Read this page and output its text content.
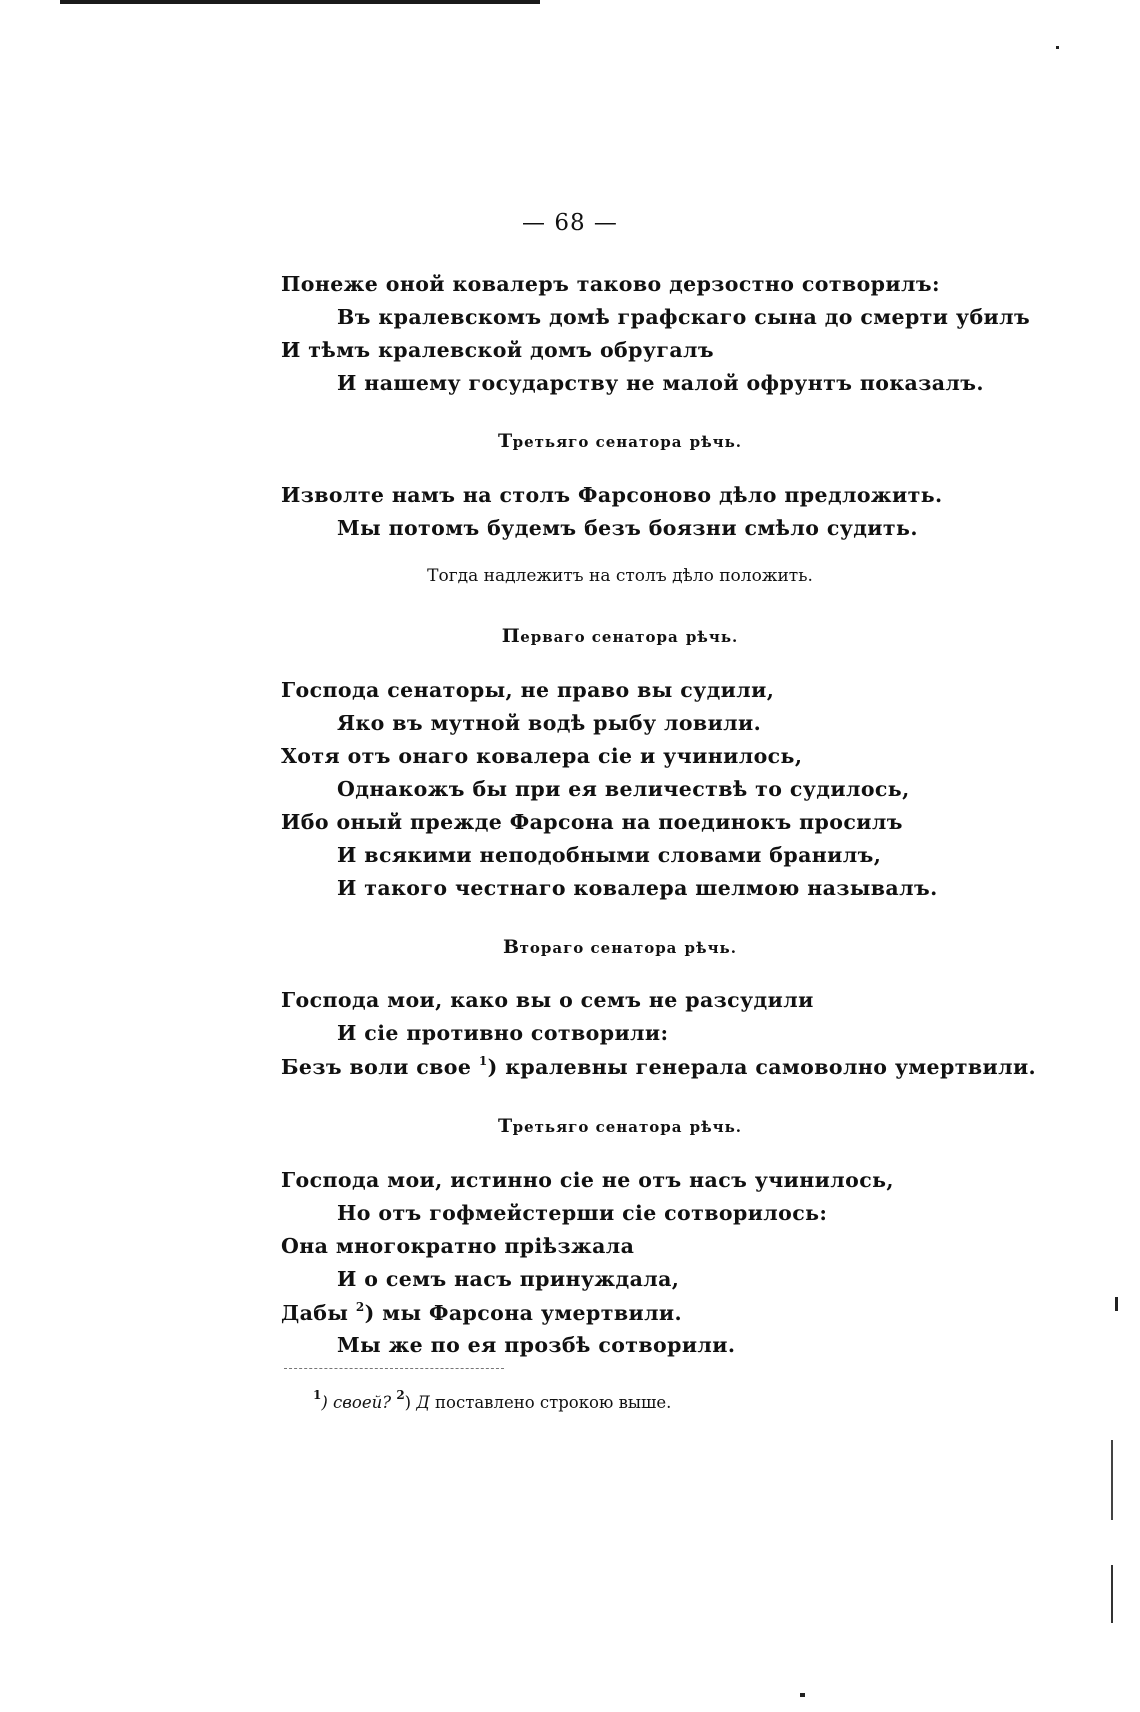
— 68 —
Понеже оной ковалеръ таково дерзостно сотворилъ:
Въ кралевскомъ домѣ графскаго сына до смерти убилъ
И тѣмъ кралевской домъ обругалъ
И нашему государству не малой офрунтъ показалъ.
Третьяго сенатора рѣчь.
Изволте намъ на столъ Фарсоново дѣло предложить.
Мы потомъ будемъ безъ боязни смѣло судить.
Тогда надлежитъ на столъ дѣло положить.
Перваго сенатора рѣчь.
Господа сенаторы, не право вы судили,
Яко въ мутной водѣ рыбу ловили.
Хотя отъ онаго ковалера сіе и учинилось,
Однакожъ бы при ея величествѣ то судилось,
Ибо оный прежде Фарсона на поединокъ просилъ
И всякими неподобными словами бранилъ,
И такого честнаго ковалера шелмою называлъ.
Втораго сенатора рѣчь.
Господа мои, како вы о семъ не разсудили
И сіе противно сотворили:
Безъ воли свое $^1$) кралевны генерала самоволно умертвили.
Третьяго сенатора рѣчь.
Господа мои, истинно сіе не отъ насъ учинилось,
Но отъ гофмейстерши сіе сотворилось:
Она многократно пріѣзжала
И о семъ насъ принуждала,
Дабы $^2$) мы Фарсона умертвили.
Мы же по ея прозбѣ сотворили.
$^1$) своей? $^2$) Д поставлено строкою выше.
